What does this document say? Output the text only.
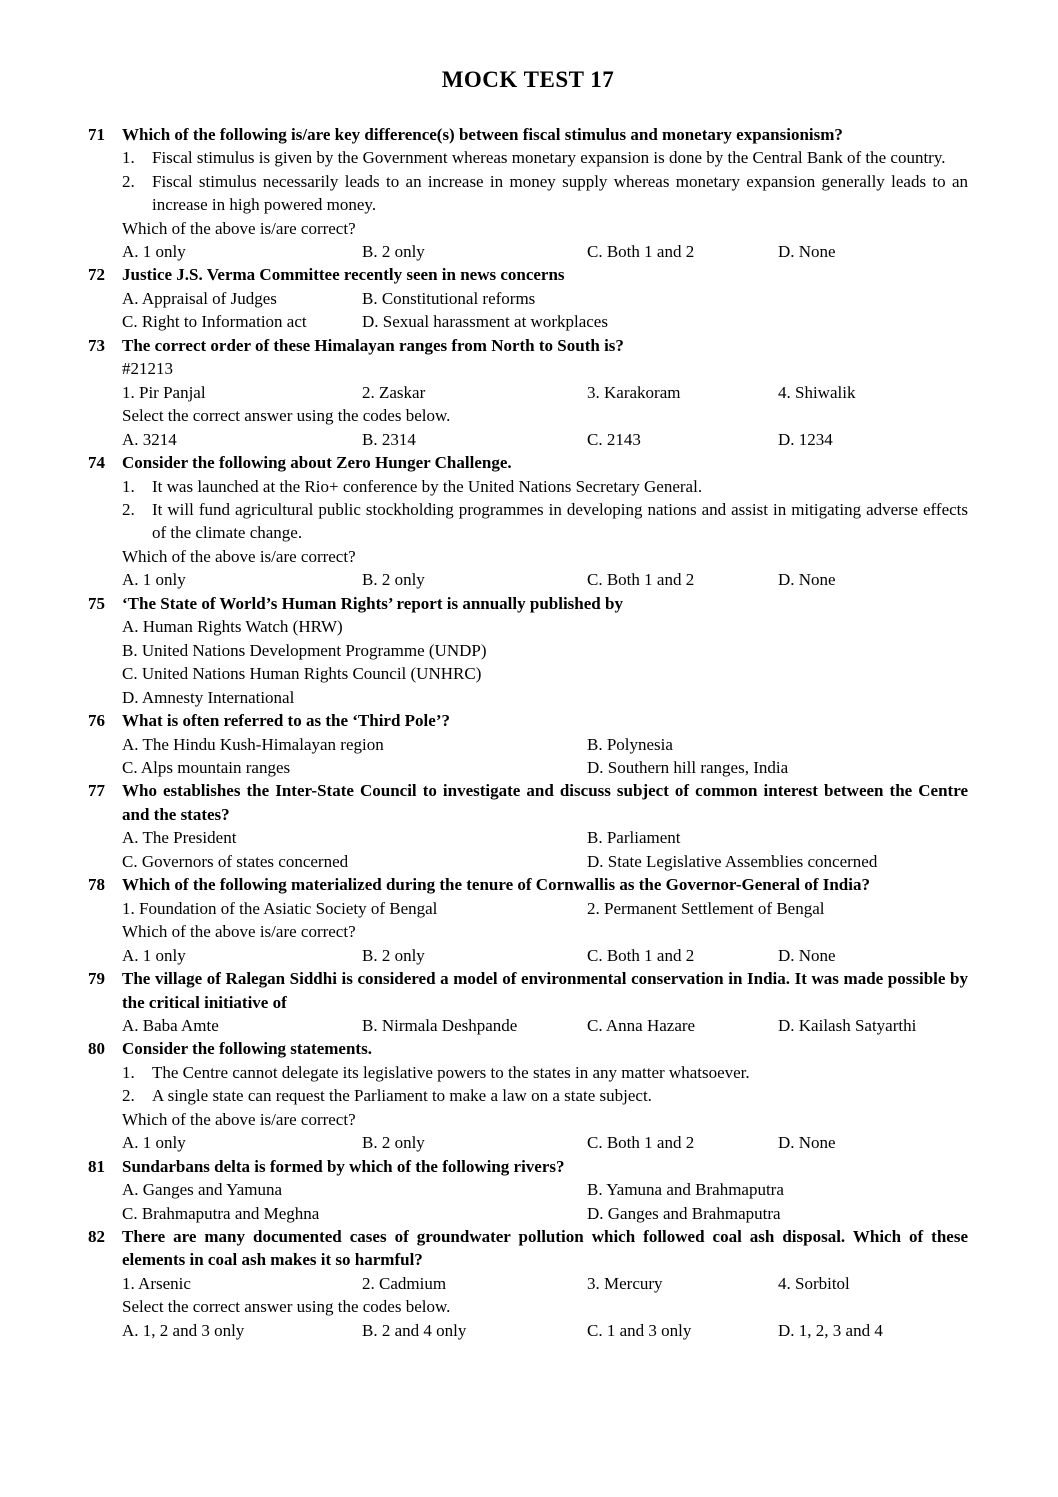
MOCK TEST 17
71	Which of the following is/are key difference(s) between fiscal stimulus and monetary expansionism?
1.	Fiscal stimulus is given by the Government whereas monetary expansion is done by the Central Bank of the country.
2.	Fiscal stimulus necessarily leads to an increase in money supply whereas monetary expansion generally leads to an increase in high powered money.
Which of the above is/are correct?
A. 1 only	B. 2 only	C. Both 1 and 2	D. None
72	Justice J.S. Verma Committee recently seen in news concerns
A. Appraisal of Judges	B. Constitutional reforms
C. Right to Information act	D. Sexual harassment at workplaces
73	The correct order of these Himalayan ranges from North to South is?
#21213
1. Pir Panjal	2. Zaskar	3. Karakoram	4. Shiwalik
Select the correct answer using the codes below.
A. 3214	B. 2314	C. 2143	D. 1234
74	Consider the following about Zero Hunger Challenge.
1.	It was launched at the Rio+ conference by the United Nations Secretary General.
2.	It will fund agricultural public stockholding programmes in developing nations and assist in mitigating adverse effects of the climate change.
Which of the above is/are correct?
A. 1 only	B. 2 only	C. Both 1 and 2	D. None
75	‘The State of World’s Human Rights’ report is annually published by
A. Human Rights Watch (HRW)
B. United Nations Development Programme (UNDP)
C. United Nations Human Rights Council (UNHRC)
D. Amnesty International
76	What is often referred to as the ‘Third Pole’?
A. The Hindu Kush-Himalayan region	B. Polynesia
C. Alps mountain ranges	D. Southern hill ranges, India
77	Who establishes the Inter-State Council to investigate and discuss subject of common interest between the Centre and the states?
A. The President	B. Parliament
C. Governors of states concerned	D. State Legislative Assemblies concerned
78	Which of the following materialized during the tenure of Cornwallis as the Governor-General of India?
1. Foundation of the Asiatic Society of Bengal	2. Permanent Settlement of Bengal
Which of the above is/are correct?
A. 1 only	B. 2 only	C. Both 1 and 2	D. None
79	The village of Ralegan Siddhi is considered a model of environmental conservation in India. It was made possible by the critical initiative of
A. Baba Amte	B. Nirmala Deshpande	C. Anna Hazare	D. Kailash Satyarthi
80	Consider the following statements.
1.	The Centre cannot delegate its legislative powers to the states in any matter whatsoever.
2.	A single state can request the Parliament to make a law on a state subject.
Which of the above is/are correct?
A. 1 only	B. 2 only	C. Both 1 and 2	D. None
81	Sundarbans delta is formed by which of the following rivers?
A. Ganges and Yamuna	B. Yamuna and Brahmaputra
C. Brahmaputra and Meghna	D. Ganges and Brahmaputra
82	There are many documented cases of groundwater pollution which followed coal ash disposal. Which of these elements in coal ash makes it so harmful?
1. Arsenic	2. Cadmium	3. Mercury	4. Sorbitol
Select the correct answer using the codes below.
A. 1, 2 and 3 only	B. 2 and 4 only	C. 1 and 3 only	D. 1, 2, 3 and 4
